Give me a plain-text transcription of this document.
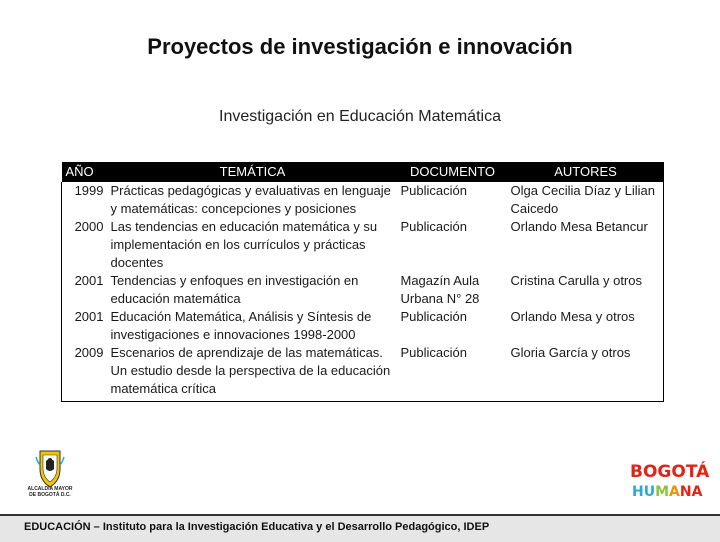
Proyectos de investigación e innovación
Investigación en Educación Matemática
AÑO	TEMÁTICA	DOCUMENTO	AUTORES
1999	Prácticas pedagógicas y evaluativas en lenguaje y matemáticas: concepciones y posiciones	Publicación	Olga Cecilia Díaz y Lilian Caicedo
2000	Las tendencias en educación matemática y su implementación en los currículos y prácticas docentes	Publicación	Orlando Mesa Betancur
2001	Tendencias y enfoques en investigación en educación matemática	Magazín Aula Urbana N° 28	Cristina Carulla y otros
2001	Educación Matemática, Análisis y Síntesis de investigaciones e innovaciones 1998-2000	Publicación	Orlando Mesa y otros
2009	Escenarios de aprendizaje de las matemáticas. Un estudio desde la perspectiva de la educación matemática crítica	Publicación	Gloria García y otros
ALCALDÍA MAYOR
DE BOGOTÁ D.C.
BOGOTÁ
HUMANA
EDUCACIÓN – Instituto para la Investigación Educativa y el Desarrollo Pedagógico, IDEP
